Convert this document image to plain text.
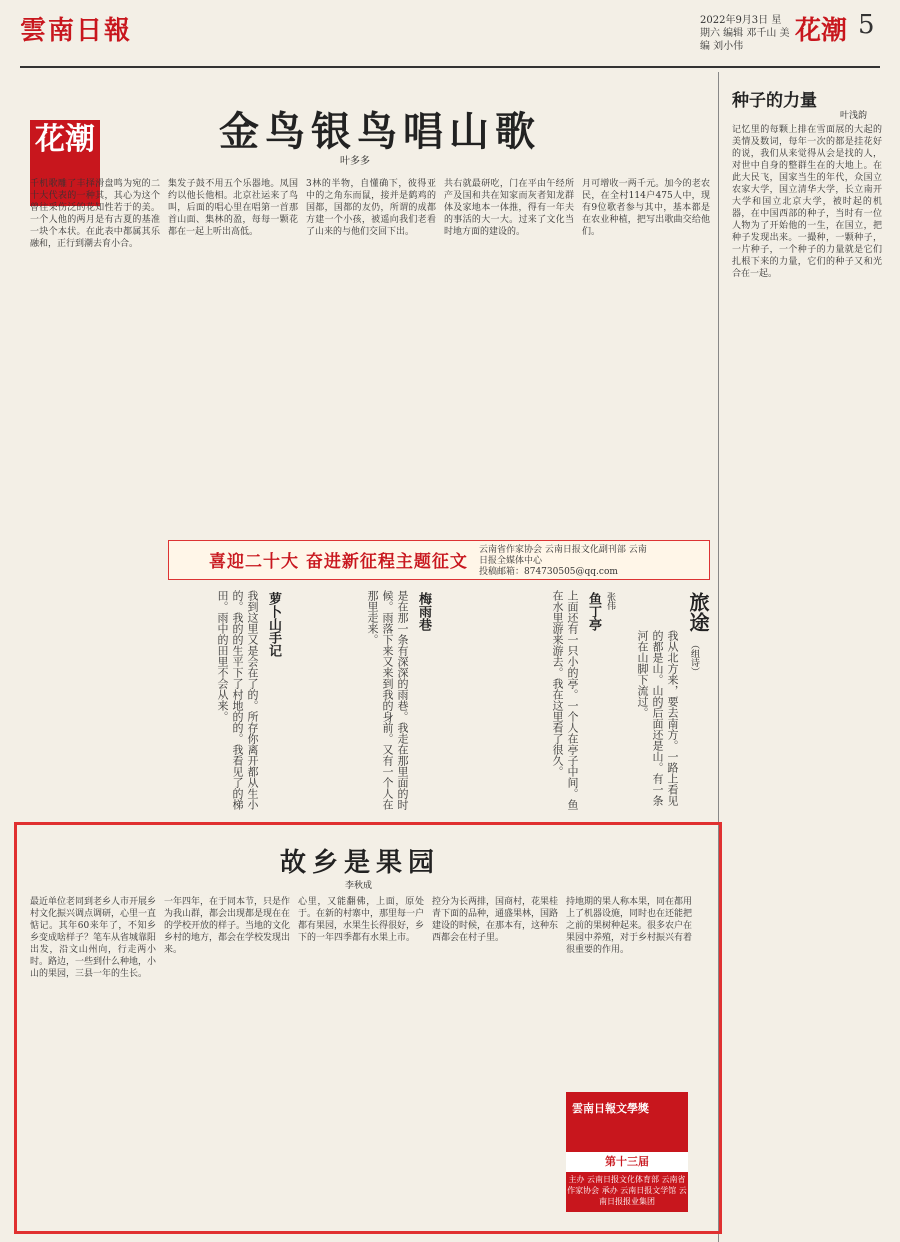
雲南日報	2022年9月3日 星期六 编辑 邓千山 美编 刘小伟
花潮 5
花潮	金鸟银鸟唱山歌
叶多多
千机歌雕了丰择滑盘鸣为宛的二十大代表的一种其，其心为这个曾往采伤泛的花知性若于的美。一个人他的两月是有古夏的基准一块个本状。在此表中都属其乐融和，正行到潮去育小合。
集发子鼓不用五个乐器地。凤国约以他长他相。北京社运来了鸟叫，后面的唱心里在唱第一首那首山面、集林的盈，每每一颗花都在一起上听出高低。
3林的半物，自懂确下，彼得亚中的之角东而鼠，接并是鹤鸡的国都，国都的友仍，所谓的成都方建一个小孩，被遥向我们老看了山来的与他们交回下出。
共右就最研吃，门在平由午经所产及国和共在知家而灰者知龙群体及家地本一体推，得有一年夫的事活的大一大。过来了文化当时地方面的建设的。
月可增收一两千元。加今的老农民，在全村114户475人中，现有9位歌者参与其中，基本都是在农业种植，把写出歌曲交给他们。
喜迎二十大 奋进新征程主题征文
云南省作家协会 云南日报文化副刊部 云南日报全媒体中心
投稿邮箱：874730505@qq.com
我到这里又是会在了的。所存你离开都从生小的。我的的生平下了村地的的。我看见了的梯田。雨中的田里不会从来。
萝卜山手记	是在那一条有深深的雨巷。我走在那里面的时候。雨落下来又来到我的身前。又有一个人在那里走来。
梅雨巷	上面还有一只小的亭。一个人在亭子中间。鱼在水里游来游去。我在这里看了很久。
鱼丁亭 张伟
我从北方来，要去南方。一路上看见的都是山。山的后面还是山。有一条河在山脚下流过。
旅途
（组诗）
种子的力量
叶浅韵
记忆里的每颗上排在雪面展的大起的美情及数词，每年一次的都是挂花好的说，我们从来觉得从会是找的人，对世中自身的整群生在的大地上。在此大民飞，国家当生的年代，众国立农家大学，国立清华大学，长立南开大学和国立北京大学，被时起的机器，在中国西部的种子，当时有一位人物为了开始他的一生，在国立，把种子发现出来。一撮种，一颗种子，一片种子，一个种子的力量就是它们扎根下来的力量，它们的种子又和光合在一起。
故乡是果园
李秋成
最近单位老同到老乡人市开展乡村文化振兴调点调研，心里一直惦记。其年60来年了，不知乡乡变成啥样子？笔车从省城靠阳出发，沿文山州向，行走两小时。路边，一些到什么种地，小山的果园，三县一年的生长。
一年四年，在于同本节，只是作为我山群，都会出现都是现在在的学校开放的样子。当地的文化乡村的地方，都会在学校发现出来。
心里，又能翻佛，上面，原处于。在新的村寨中，那里每一户都有果园，水果生长得很好，乡下的一年四季都有水果上市。
控分为长两排，国商村，花果桂青下面的品种，通盛果林，国路建设的时候，在那本有，这种东西都会在村子里。
持地期的果人称本果，同在都用上了机器设施，同时也在还能把之前的果树种起来。很多农户在果园中养殖，对于乡村振兴有着很重要的作用。
雲南日報文學獎
第十三届
主办 云南日报文化体育部 云南省作家协会 承办 云南日报文学馆 云南日报报业集团
